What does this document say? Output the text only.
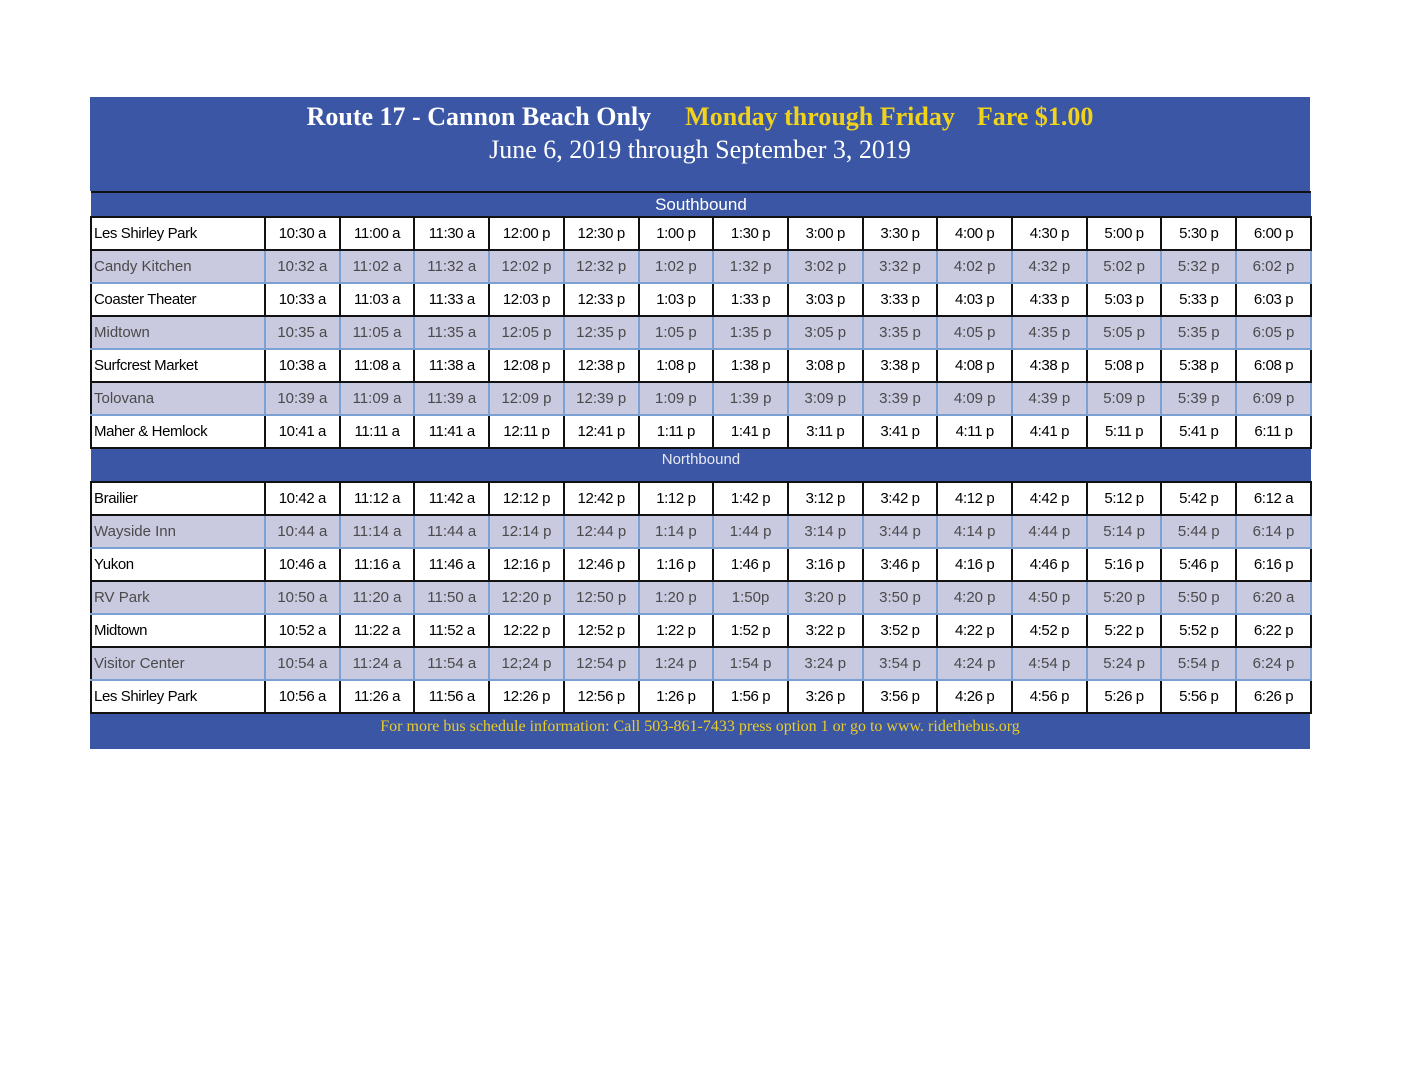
Route 17 - Cannon Beach Only Monday through Friday Fare $1.00
June 6, 2019 through September 3, 2019
Southbound														
Les Shirley Park	10:30 a	11:00 a	11:30 a	12:00 p	12:30 p	1:00 p	1:30 p	3:00 p	3:30 p	4:00 p	4:30 p	5:00 p	5:30 p	6:00 p
Candy Kitchen	10:32 a	11:02 a	11:32 a	12:02 p	12:32 p	1:02 p	1:32 p	3:02 p	3:32 p	4:02 p	4:32 p	5:02 p	5:32 p	6:02 p
Coaster Theater	10:33 a	11:03 a	11:33 a	12:03 p	12:33 p	1:03 p	1:33 p	3:03 p	3:33 p	4:03 p	4:33 p	5:03 p	5:33 p	6:03 p
Midtown	10:35 a	11:05 a	11:35 a	12:05 p	12:35 p	1:05 p	1:35 p	3:05 p	3:35 p	4:05 p	4:35 p	5:05 p	5:35 p	6:05 p
Surfcrest Market	10:38 a	11:08 a	11:38 a	12:08 p	12:38 p	1:08 p	1:38 p	3:08 p	3:38 p	4:08 p	4:38 p	5:08 p	5:38 p	6:08 p
Tolovana	10:39 a	11:09 a	11:39 a	12:09 p	12:39 p	1:09 p	1:39 p	3:09 p	3:39 p	4:09 p	4:39 p	5:09 p	5:39 p	6:09 p
Maher & Hemlock	10:41 a	11:11 a	11:41 a	12:11 p	12:41 p	1:11 p	1:41 p	3:11 p	3:41 p	4:11 p	4:41 p	5:11 p	5:41 p	6:11 p
Northbound														
Brailier	10:42 a	11:12 a	11:42 a	12:12 p	12:42 p	1:12 p	1:42 p	3:12 p	3:42 p	4:12 p	4:42 p	5:12 p	5:42 p	6:12 a
Wayside Inn	10:44 a	11:14 a	11:44 a	12:14 p	12:44 p	1:14 p	1:44 p	3:14 p	3:44 p	4:14 p	4:44 p	5:14 p	5:44 p	6:14 p
Yukon	10:46 a	11:16 a	11:46 a	12:16 p	12:46 p	1:16 p	1:46 p	3:16 p	3:46 p	4:16 p	4:46 p	5:16 p	5:46 p	6:16 p
RV Park	10:50 a	11:20 a	11:50 a	12:20 p	12:50 p	1:20 p	1:50p	3:20 p	3:50 p	4:20 p	4:50 p	5:20 p	5:50 p	6:20 a
Midtown	10:52 a	11:22 a	11:52 a	12:22 p	12:52 p	1:22 p	1:52 p	3:22 p	3:52 p	4:22 p	4:52 p	5:22 p	5:52 p	6:22 p
Visitor Center	10:54 a	11:24 a	11:54 a	12;24 p	12:54 p	1:24 p	1:54 p	3:24 p	3:54 p	4:24 p	4:54 p	5:24 p	5:54 p	6:24 p
Les Shirley Park	10:56 a	11:26 a	11:56 a	12:26 p	12:56 p	1:26 p	1:56 p	3:26 p	3:56 p	4:26 p	4:56 p	5:26 p	5:56 p	6:26 p
For more bus schedule information: Call 503-861-7433 press option 1 or go to www. ridethebus.org
